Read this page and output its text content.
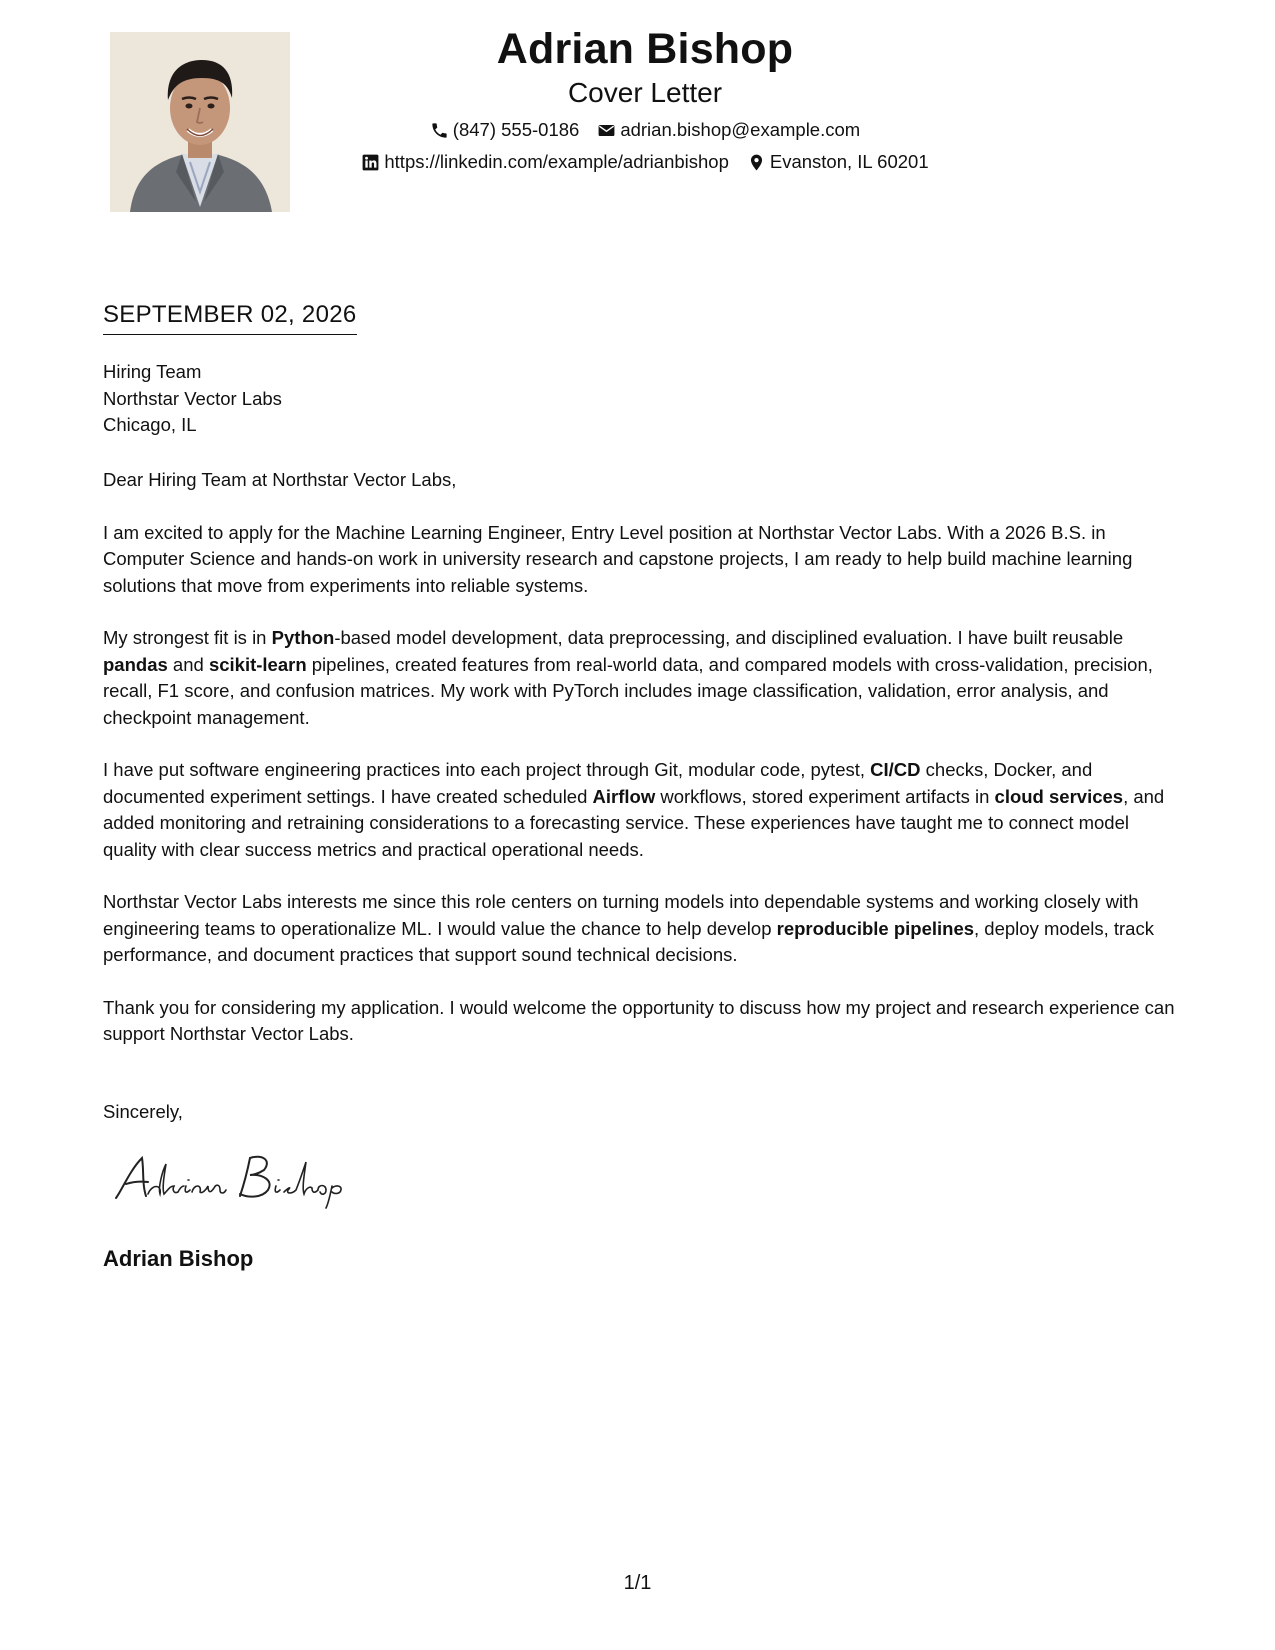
Adrian Bishop
Cover Letter
(847) 555-0186 adrian.bishop@example.com
https://linkedin.com/example/adrianbishop Evanston, IL 60201
SEPTEMBER 02, 2026
Hiring Team
Northstar Vector Labs
Chicago, IL

Dear Hiring Team at Northstar Vector Labs,

I am excited to apply for the Machine Learning Engineer, Entry Level position at Northstar Vector Labs. With a 2026 B.S. in Computer Science and hands-on work in university research and capstone projects, I am ready to help build machine learning solutions that move from experiments into reliable systems.

My strongest fit is in Python-based model development, data preprocessing, and disciplined evaluation. I have built reusable pandas and scikit-learn pipelines, created features from real-world data, and compared models with cross-validation, precision, recall, F1 score, and confusion matrices. My work with PyTorch includes image classification, validation, error analysis, and checkpoint management.

I have put software engineering practices into each project through Git, modular code, pytest, CI/CD checks, Docker, and documented experiment settings. I have created scheduled Airflow workflows, stored experiment artifacts in cloud services, and added monitoring and retraining considerations to a forecasting service. These experiences have taught me to connect model quality with clear success metrics and practical operational needs.

Northstar Vector Labs interests me since this role centers on turning models into dependable systems and working closely with engineering teams to operationalize ML. I would value the chance to help develop reproducible pipelines, deploy models, track performance, and document practices that support sound technical decisions.

Thank you for considering my application. I would welcome the opportunity to discuss how my project and research experience can support Northstar Vector Labs.

Sincerely,
Adrian Bishop
1/1
